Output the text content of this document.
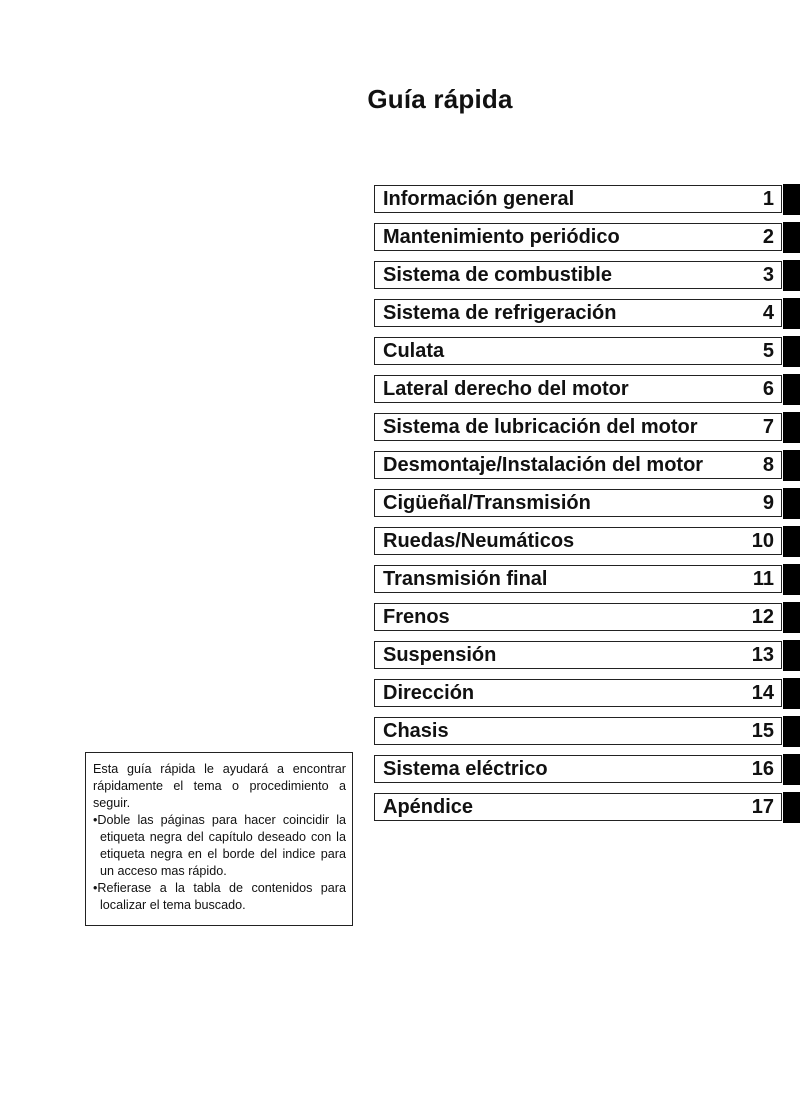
Guía rápida
Información general	1
Mantenimiento periódico	2
Sistema de combustible	3
Sistema de refrigeración	4
Culata	5
Lateral derecho del motor	6
Sistema de lubricación del motor	7
Desmontaje/Instalación del motor	8
Cigüeñal/Transmisión	9
Ruedas/Neumáticos	10
Transmisión final	11
Frenos	12
Suspensión	13
Dirección	14
Chasis	15
Sistema eléctrico	16
Apéndice	17

Esta guía rápida le ayudará a encontrar rápidamente el tema o procedimiento a seguir.

•Doble las páginas para hacer coincidir la etiqueta negra del capítulo deseado con la etiqueta negra en el borde del indice para un acceso mas rápido.

•Refierase a la tabla de contenidos para localizar el tema buscado.
